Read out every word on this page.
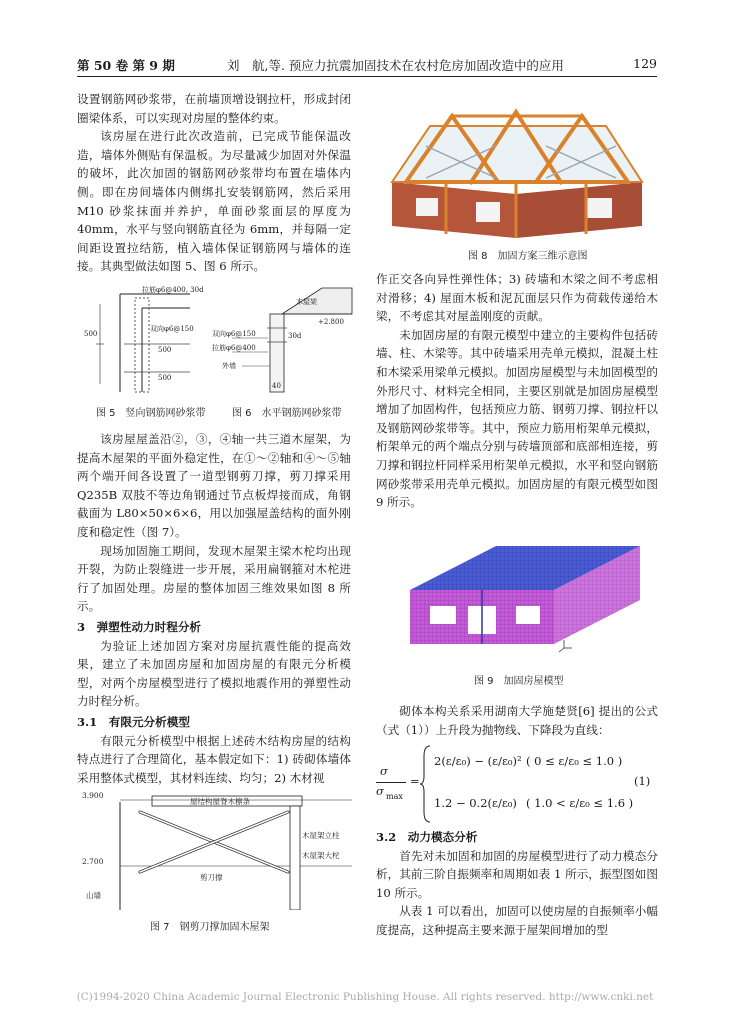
第 50 卷 第 9 期	刘　航,等. 预应力抗震加固技术在农村危房加固改造中的应用	129

设置钢筋网砂浆带，在前墙顶增设钢拉杆，形成封闭圈梁体系，可以实现对房屋的整体约束。

该房屋在进行此次改造前，已完成节能保温改造，墙体外侧贴有保温板。为尽量减少加固对外保温的破坏，此次加固的钢筋网砂浆带均布置在墙体内侧。即在房间墙体内侧绑扎安装钢筋网，然后采用 M10 砂浆抹面并养护，单面砂浆面层的厚度为 40mm，水平与竖向钢筋直径为 6mm，并每隔一定间距设置拉结筋，植入墙体保证钢筋网与墙体的连接。其典型做法如图 5、图 6 所示。

拉筋φ6@400, 30d
双向φ6@150
500
500
500
双向φ6@150
拉筋φ6@400
外墙
木屋架
+2.800
30d
40
图 5　竖向钢筋网砂浆带	图 6　水平钢筋网砂浆带

该房屋屋盖沿②，③，④轴一共三道木屋架，为提高木屋架的平面外稳定性，在①～②轴和④～⑤轴两个端开间各设置了一道型钢剪刀撑，剪刀撑采用 Q235B 双肢不等边角钢通过节点板焊接而成，角钢截面为 L80×50×6×6，用以加强屋盖结构的面外刚度和稳定性（图 7）。

现场加固施工期间，发现木屋架主梁木柁均出现开裂，为防止裂缝进一步开展，采用扁钢箍对木柁进行了加固处理。房屋的整体加固三维效果如图 8 所示。

3　弹塑性动力时程分析

为验证上述加固方案对房屋抗震性能的提高效果，建立了未加固房屋和加固房屋的有限元分析模型，对两个房屋模型进行了模拟地震作用的弹塑性动力时程分析。

3.1　有限元分析模型

有限元分析模型中根据上述砖木结构房屋的结构特点进行了合理简化，基本假定如下：1) 砖砌体墙体采用整体式模型，其材料连续、均匀；2) 木材视

屋结构屋脊木檩条
3.900
2.700
山墙
木屋架立柱
木屋架大柁
剪刀撑
图 7　钢剪刀撑加固木屋架
图 8　加固方案三维示意图

作正交各向异性弹性体；3) 砖墙和木梁之间不考虑相对滑移；4) 屋面木板和泥瓦面层只作为荷载传递给木梁，不考虑其对屋盖刚度的贡献。

未加固房屋的有限元模型中建立的主要构件包括砖墙、柱、木梁等。其中砖墙采用壳单元模拟，混凝土柱和木梁采用梁单元模拟。加固房屋模型与未加固模型的外形尺寸、材料完全相同，主要区别就是加固房屋模型增加了加固构件，包括预应力筋、钢剪刀撑、钢拉杆以及钢筋网砂浆带等。其中，预应力筋用桁架单元模拟，桁架单元的两个端点分别与砖墙顶部和底部相连接，剪刀撑和钢拉杆同样采用桁架单元模拟，水平和竖向钢筋网砂浆带采用壳单元模拟。加固房屋的有限元模型如图 9 所示。

图 9　加固房屋模型

砌体本构关系采用湖南大学施楚贤[6] 提出的公式（式（1））上升段为抛物线、下降段为直线：

σ
σ max
=
2(ε/ε₀) − (ε/ε₀)² ( 0 ≤ ε/ε₀ ≤ 1.0 )
1.2 − 0.2(ε/ε₀) ( 1.0 < ε/ε₀ ≤ 1.6 )
(1)

3.2　动力模态分析

首先对未加固和加固的房屋模型进行了动力模态分析，其前三阶自振频率和周期如表 1 所示，振型图如图 10 所示。

从表 1 可以看出，加固可以使房屋的自振频率小幅度提高，这种提高主要来源于屋架间增加的型

(C)1994-2020 China Academic Journal Electronic Publishing House. All rights reserved. http://www.cnki.net
